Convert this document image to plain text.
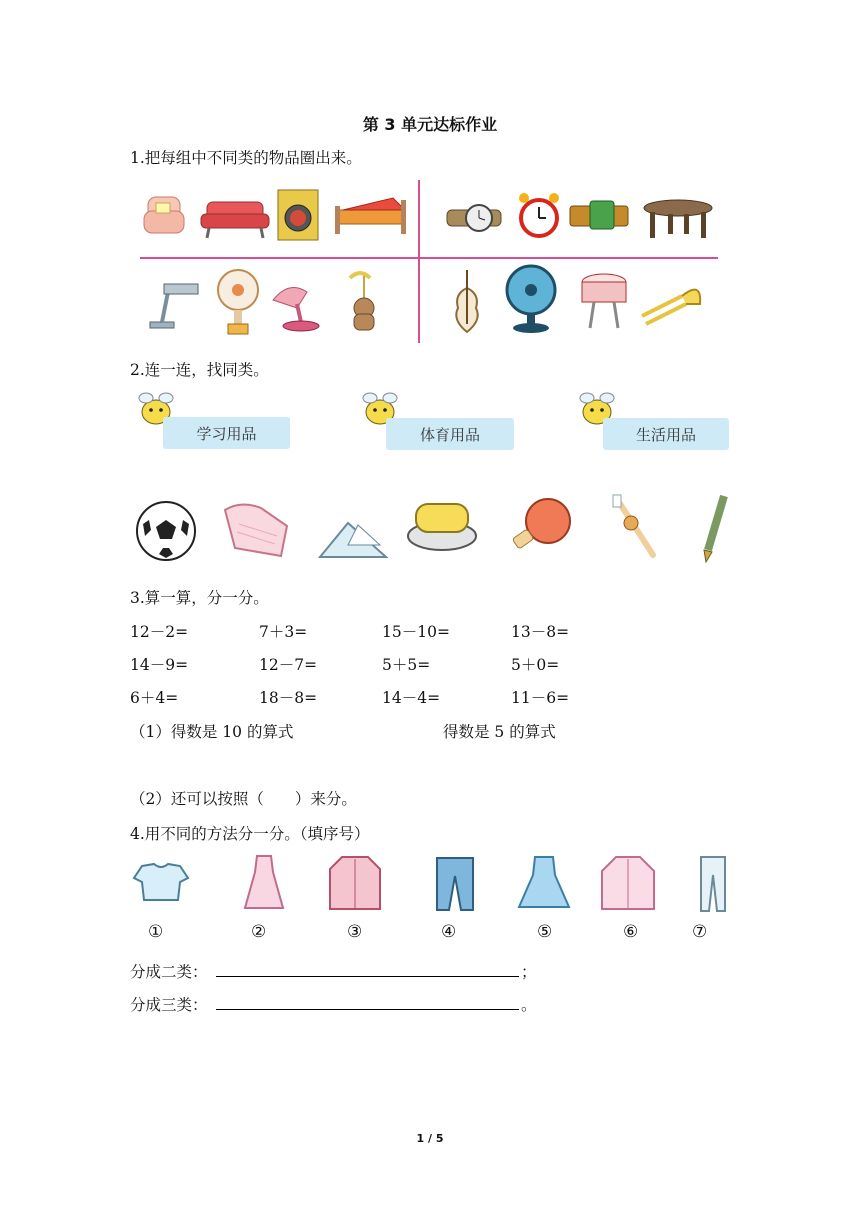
第 3 单元达标作业
1.把每组中不同类的物品圈出来。
2.连一连，找同类。
学习用品	体育用品	生活用品
3.算一算，分一分。
12－2=	7＋3=	15－10=	13－8=
14－9=	12－7=	5＋5=	5＋0=
6＋4=	18－8=	14－4=	11－6=
（1）得数是 10 的算式	得数是 5 的算式
（2）还可以按照（　　）来分。
4.用不同的方法分一分。（填序号）
①	②	③	④	⑤	⑥	⑦
分成二类：	；
分成三类：	。
1 / 5
